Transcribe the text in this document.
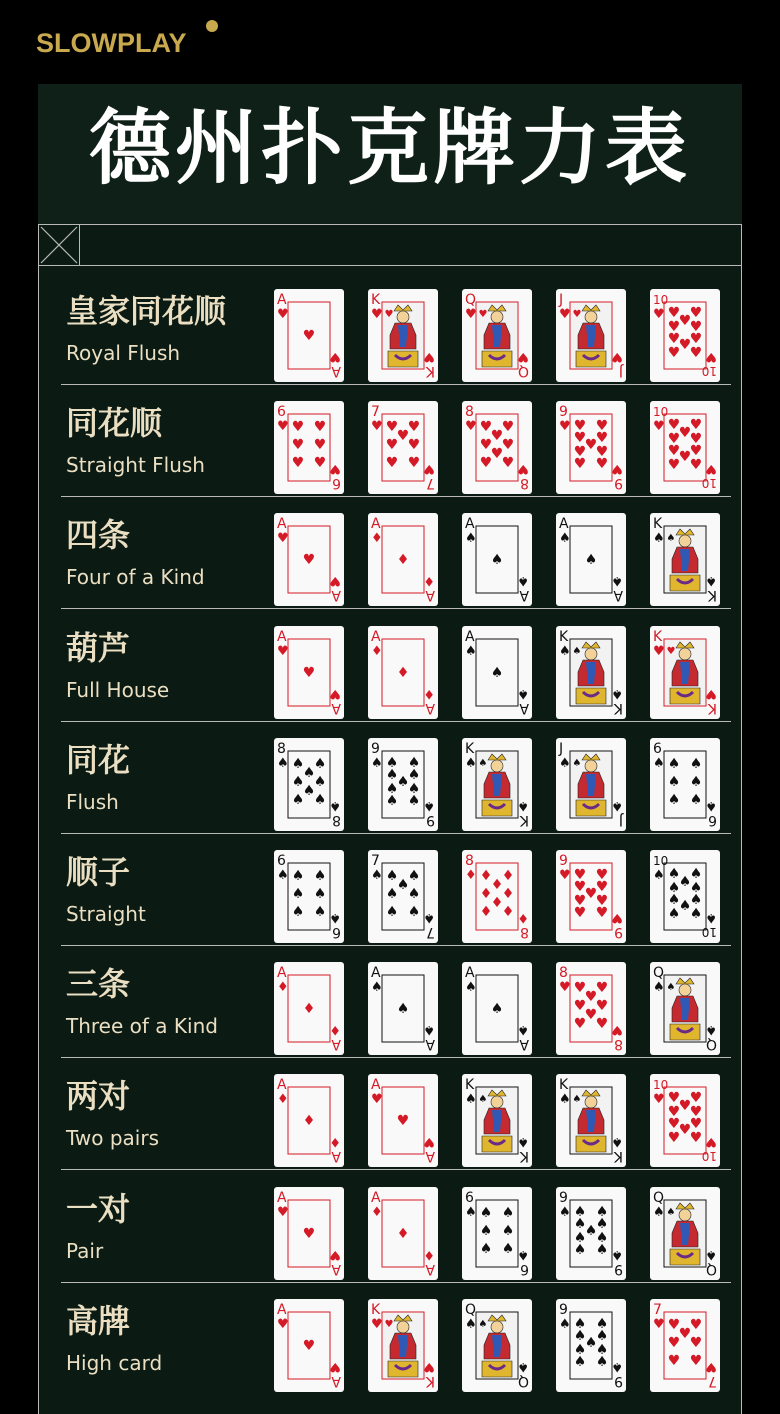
SLOWPLAY
德州扑克牌力表
皇家同花顺
Royal Flush
A
♥
A
♥
♥
K
♥
K
♥
♥
Q
♥
Q
♥
♥
J
♥
J
♥
♥
10
♥
10
♥
♥ ♥
♥
♥ ♥
♥ ♥
♥
♥ ♥
同花顺
Straight Flush
6
♥
6
♥
♥ ♥
♥ ♥
♥ ♥
7
♥
7
♥
♥ ♥
♥
♥ ♥
♥ ♥
8
♥
8
♥
♥ ♥
♥
♥ ♥
♥
♥ ♥
9
♥
9
♥
♥ ♥
♥ ♥
♥
♥ ♥
♥ ♥
10
♥
10
♥
♥ ♥
♥
♥ ♥
♥ ♥
♥
♥ ♥
四条
Four of a Kind
A
♥
A
♥
♥
A
♦
A
♦
♦
A
♠
A
♠
♠
A
♠
A
♠
♠
K
♠
K
♠
♠
葫芦
Full House
A
♥
A
♥
♥
A
♦
A
♦
♦
A
♠
A
♠
♠
K
♠
K
♠
♠
K
♥
K
♥
♥
同花
Flush
8
♠
8
♠
♠ ♠
♠
♠ ♠
♠
♠ ♠
9
♠
9
♠
♠ ♠
♠ ♠
♠
♠ ♠
♠ ♠
K
♠
K
♠
♠
J
♠
J
♠
♠
6
♠
6
♠
♠ ♠
♠ ♠
♠ ♠
顺子
Straight
6
♠
6
♠
♠ ♠
♠ ♠
♠ ♠
7
♠
7
♠
♠ ♠
♠
♠ ♠
♠ ♠
8
♦
8
♦
♦ ♦
♦
♦ ♦
♦
♦ ♦
9
♥
9
♥
♥ ♥
♥ ♥
♥
♥ ♥
♥ ♥
10
♠
10
♠
♠ ♠
♠
♠ ♠
♠ ♠
♠
♠ ♠
三条
Three of a Kind
A
♦
A
♦
♦
A
♠
A
♠
♠
A
♠
A
♠
♠
8
♥
8
♥
♥ ♥
♥
♥ ♥
♥
♥ ♥
Q
♠
Q
♠
♠
两对
Two pairs
A
♦
A
♦
♦
A
♥
A
♥
♥
K
♠
K
♠
♠
K
♠
K
♠
♠
10
♥
10
♥
♥ ♥
♥
♥ ♥
♥ ♥
♥
♥ ♥
一对
Pair
A
♥
A
♥
♥
A
♦
A
♦
♦
6
♠
6
♠
♠ ♠
♠ ♠
♠ ♠
9
♠
9
♠
♠ ♠
♠ ♠
♠
♠ ♠
♠ ♠
Q
♠
Q
♠
♠
高牌
High card
A
♥
A
♥
♥
K
♥
K
♥
♥
Q
♠
Q
♠
♠
9
♠
9
♠
♠ ♠
♠ ♠
♠
♠ ♠
♠ ♠
7
♥
7
♥
♥ ♥
♥
♥ ♥
♥ ♥
